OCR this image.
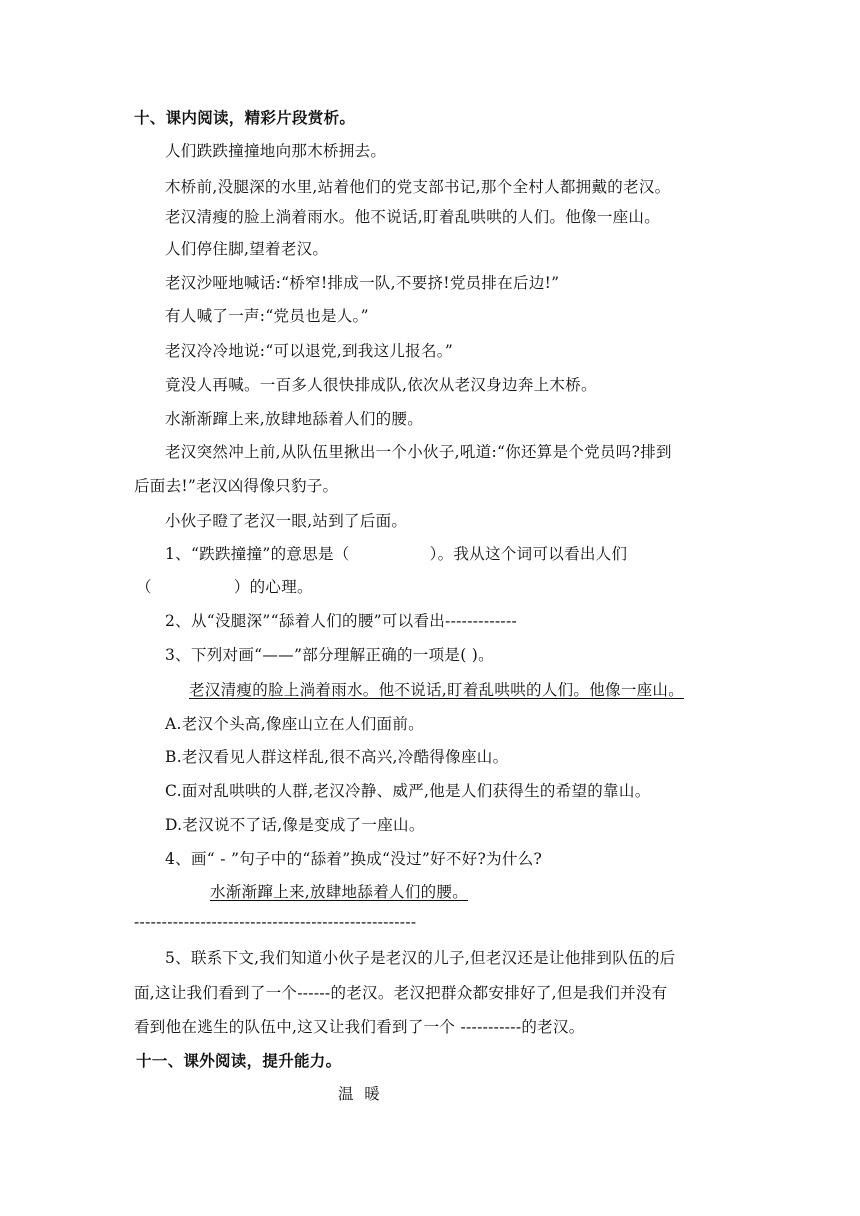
十、课内阅读，精彩片段赏析。
人们跌跌撞撞地向那木桥拥去。
木桥前,没腿深的水里,站着他们的党支部书记,那个全村人都拥戴的老汉。
老汉清瘦的脸上淌着雨水。他不说话,盯着乱哄哄的人们。他像一座山。
人们停住脚,望着老汉。
老汉沙哑地喊话:“桥窄!排成一队,不要挤!党员排在后边!”
有人喊了一声:“党员也是人。”
老汉冷冷地说:“可以退党,到我这儿报名。”
竟没人再喊。一百多人很快排成队,依次从老汉身边奔上木桥。
水渐渐蹿上来,放肆地舔着人们的腰。
老汉突然冲上前,从队伍里揪出一个小伙子,吼道:“你还算是个党员吗?排到
后面去!”老汉凶得像只豹子。
小伙子瞪了老汉一眼,站到了后面。
1、“跌跌撞撞”的意思是（	）。我从这个词可以看出人们
（	）的心理。
2、从“没腿深”“舔着人们的腰”可以看出-------------
3、下列对画“——”部分理解正确的一项是( )。
老汉清瘦的脸上淌着雨水。他不说话,盯着乱哄哄的人们。他像一座山。
A.老汉个头高,像座山立在人们面前。
B.老汉看见人群这样乱,很不高兴,冷酷得像座山。
C.面对乱哄哄的人群,老汉冷静、威严,他是人们获得生的希望的靠山。
D.老汉说不了话,像是变成了一座山。
4、画“ - ”句子中的“舔着”换成“没过”好不好?为什么?
水渐渐蹿上来,放肆地舔着人们的腰。
---------------------------------------------------
5、联系下文,我们知道小伙子是老汉的儿子,但老汉还是让他排到队伍的后
面,这让我们看到了一个------的老汉。老汉把群众都安排好了,但是我们并没有
看到他在逃生的队伍中,这又让我们看到了一个 -----------的老汉。
十一、课外阅读，提升能力。
温  暖
